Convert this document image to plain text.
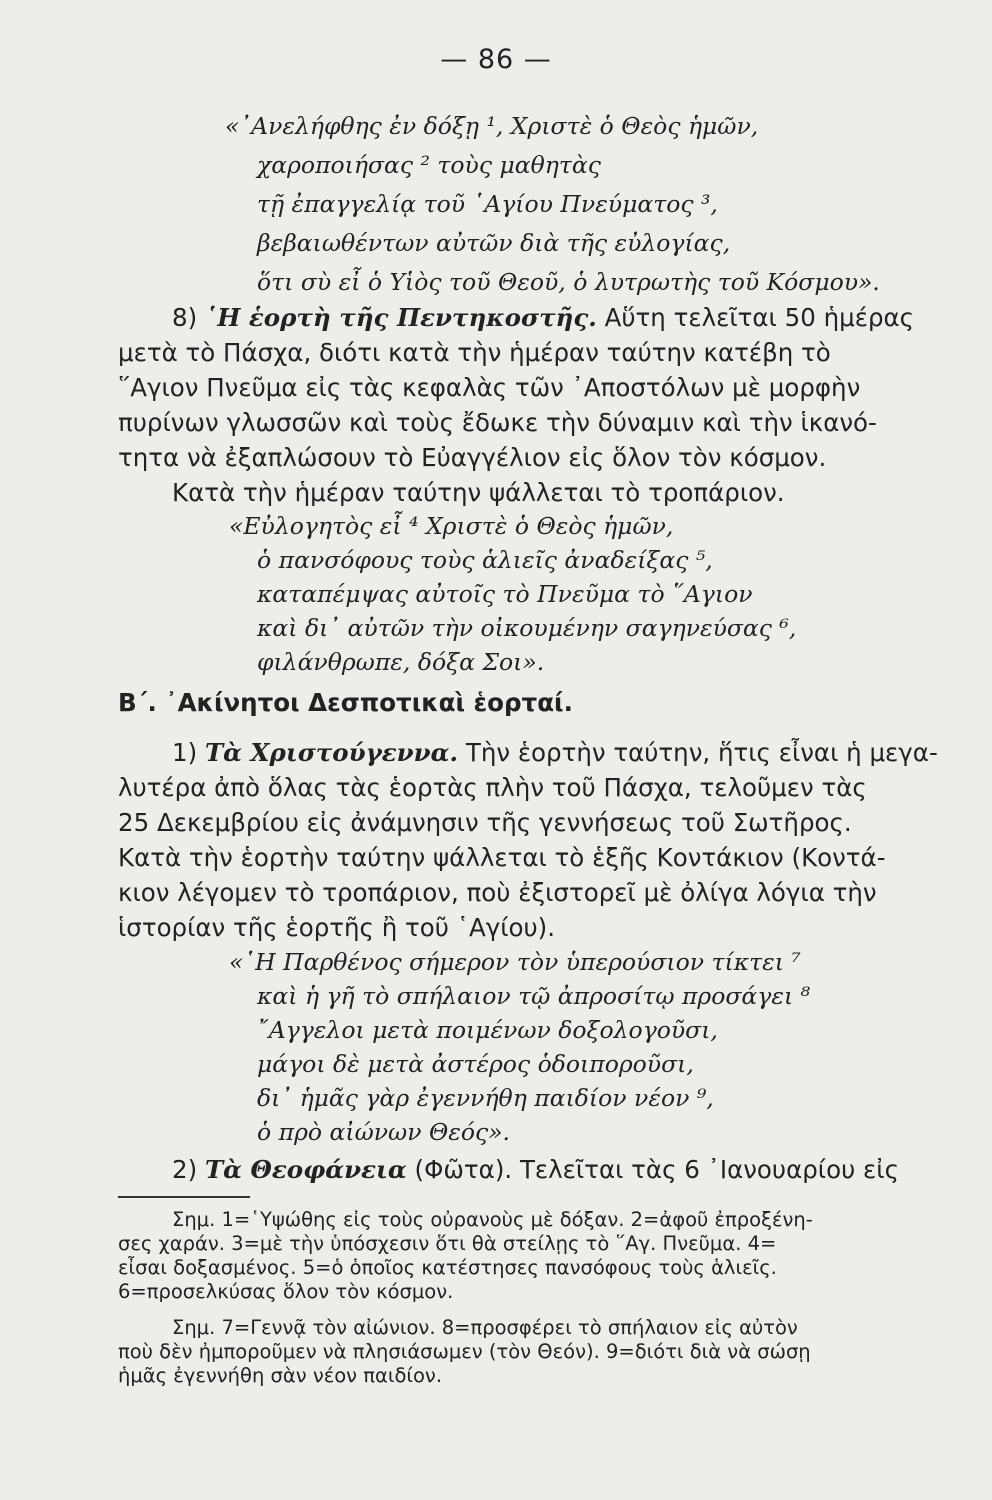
— 86 —
«᾿Ανελήφθης ἐν δόξῃ ¹, Χριστὲ ὁ Θεὸς ἡμῶν,
χαροποιήσας ² τοὺς μαθητὰς
τῇ ἐπαγγελίᾳ τοῦ ῾Αγίου Πνεύματος ³,
βεβαιωθέντων αὐτῶν διὰ τῆς εὐλογίας,
ὅτι σὺ εἶ ὁ Υἱὸς τοῦ Θεοῦ, ὁ λυτρωτὴς τοῦ Κόσμου».
8) ῾Η ἑορτὴ τῆς Πεντηκοστῆς. Αὕτη τελεῖται 50 ἡμέρας
μετὰ τὸ Πάσχα, διότι κατὰ τὴν ἡμέραν ταύτην κατέβη τὸ
῞Αγιον Πνεῦμα εἰς τὰς κεφαλὰς τῶν ᾿Αποστόλων μὲ μορφὴν
πυρίνων γλωσσῶν καὶ τοὺς ἔδωκε τὴν δύναμιν καὶ τὴν ἱκανό-
τητα νὰ ἐξαπλώσουν τὸ Εὐαγγέλιον εἰς ὅλον τὸν κόσμον.
Κατὰ τὴν ἡμέραν ταύτην ψάλλεται τὸ τροπάριον.
«Εὐλογητὸς εἶ ⁴ Χριστὲ ὁ Θεὸς ἡμῶν,
ὁ πανσόφους τοὺς ἁλιεῖς ἀναδείξας ⁵,
καταπέμψας αὐτοῖς τὸ Πνεῦμα τὸ ῞Αγιον
καὶ δι᾿ αὐτῶν τὴν οἰκουμένην σαγηνεύσας ⁶,
φιλάνθρωπε, δόξα Σοι».
Β΄. ᾿Ακίνητοι Δεσποτικαὶ ἑορταί.
1) Τὰ Χριστούγεννα. Τὴν ἑορτὴν ταύτην, ἥτις εἶναι ἡ μεγα-
λυτέρα ἀπὸ ὅλας τὰς ἑορτὰς πλὴν τοῦ Πάσχα, τελοῦμεν τὰς
25 Δεκεμβρίου εἰς ἀνάμνησιν τῆς γεννήσεως τοῦ Σωτῆρος.
Κατὰ τὴν ἑορτὴν ταύτην ψάλλεται τὸ ἑξῆς Κοντάκιον (Κοντά-
κιον λέγομεν τὸ τροπάριον, ποὺ ἐξιστορεῖ μὲ ὀλίγα λόγια τὴν
ἱστορίαν τῆς ἑορτῆς ἢ τοῦ ῾Αγίου).
«῾Η Παρθένος σήμερον τὸν ὑπερούσιον τίκτει ⁷
καὶ ἡ γῆ τὸ σπήλαιον τῷ ἀπροσίτῳ προσάγει ⁸
῎Αγγελοι μετὰ ποιμένων δοξολογοῦσι,
μάγοι δὲ μετὰ ἀστέρος ὁδοιποροῦσι,
δι᾿ ἡμᾶς γὰρ ἐγεννήθη παιδίον νέον ⁹,
ὁ πρὸ αἰώνων Θεός».
2) Τὰ Θεοφάνεια (Φῶτα). Τελεῖται τὰς 6 ᾿Ιανουαρίου εἰς
Σημ. 1=῾Υψώθης εἰς τοὺς οὐρανοὺς μὲ δόξαν. 2=ἀφοῦ ἐπροξένη-
σες χαράν. 3=μὲ τὴν ὑπόσχεσιν ὅτι θὰ στείλῃς τὸ ῞Αγ. Πνεῦμα. 4=
εἶσαι δοξασμένος. 5=ὁ ὁποῖος κατέστησες πανσόφους τοὺς ἁλιεῖς.
6=προσελκύσας ὅλον τὸν κόσμον.
Σημ. 7=Γεννᾷ τὸν αἰώνιον. 8=προσφέρει τὸ σπήλαιον εἰς αὐτὸν
ποὺ δὲν ἠμποροῦμεν νὰ πλησιάσωμεν (τὸν Θεόν). 9=διότι διὰ νὰ σώσῃ
ἡμᾶς ἐγεννήθη σὰν νέον παιδίον.
